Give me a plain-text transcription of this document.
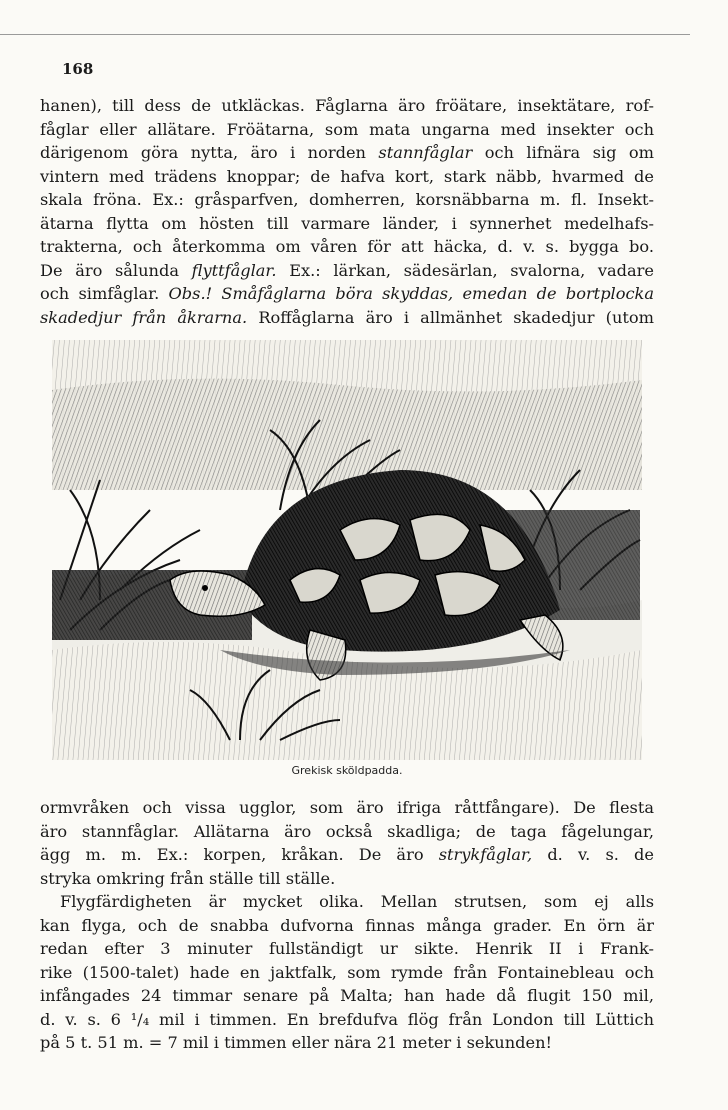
168
hanen), till dess de utkläckas. Fåglarna äro fröätare, insektätare, rof-
fåglar eller allätare. Fröätarna, som mata ungarna med insekter och
därigenom göra nytta, äro i norden stannfåglar och lifnära sig om
vintern med trädens knoppar; de hafva kort, stark näbb, hvarmed de
skala fröna. Ex.: gråsparfven, domherren, korsnäbbarna m. fl. Insekt-
ätarna flytta om hösten till varmare länder, i synnerhet medelhafs-
trakterna, och återkomma om våren för att häcka, d. v. s. bygga bo.
De äro sålunda flyttfåglar. Ex.: lärkan, sädesärlan, svalorna, vadare
och simfåglar. Obs.! Småfåglarna böra skyddas, emedan de bortplocka
skadedjur från åkrarna. Roffåglarna äro i allmänhet skadedjur (utom
Grekisk sköldpadda.
ormvråken och vissa ugglor, som äro ifriga råttfångare). De flesta
äro stannfåglar. Allätarna äro också skadliga; de taga fågelungar,
ägg m. m. Ex.: korpen, kråkan. De äro strykfåglar, d. v. s. de
stryka omkring från ställe till ställe.
Flygfärdigheten är mycket olika. Mellan strutsen, som ej alls
kan flyga, och de snabba dufvorna finnas många grader. En örn är
redan efter 3 minuter fullständigt ur sikte. Henrik II i Frank-
rike (1500-talet) hade en jaktfalk, som rymde från Fontainebleau och
infångades 24 timmar senare på Malta; han hade då flugit 150 mil,
d. v. s. 6 ¹/₄ mil i timmen. En brefdufva flög från London till Lüttich
på 5 t. 51 m. = 7 mil i timmen eller nära 21 meter i sekunden!
